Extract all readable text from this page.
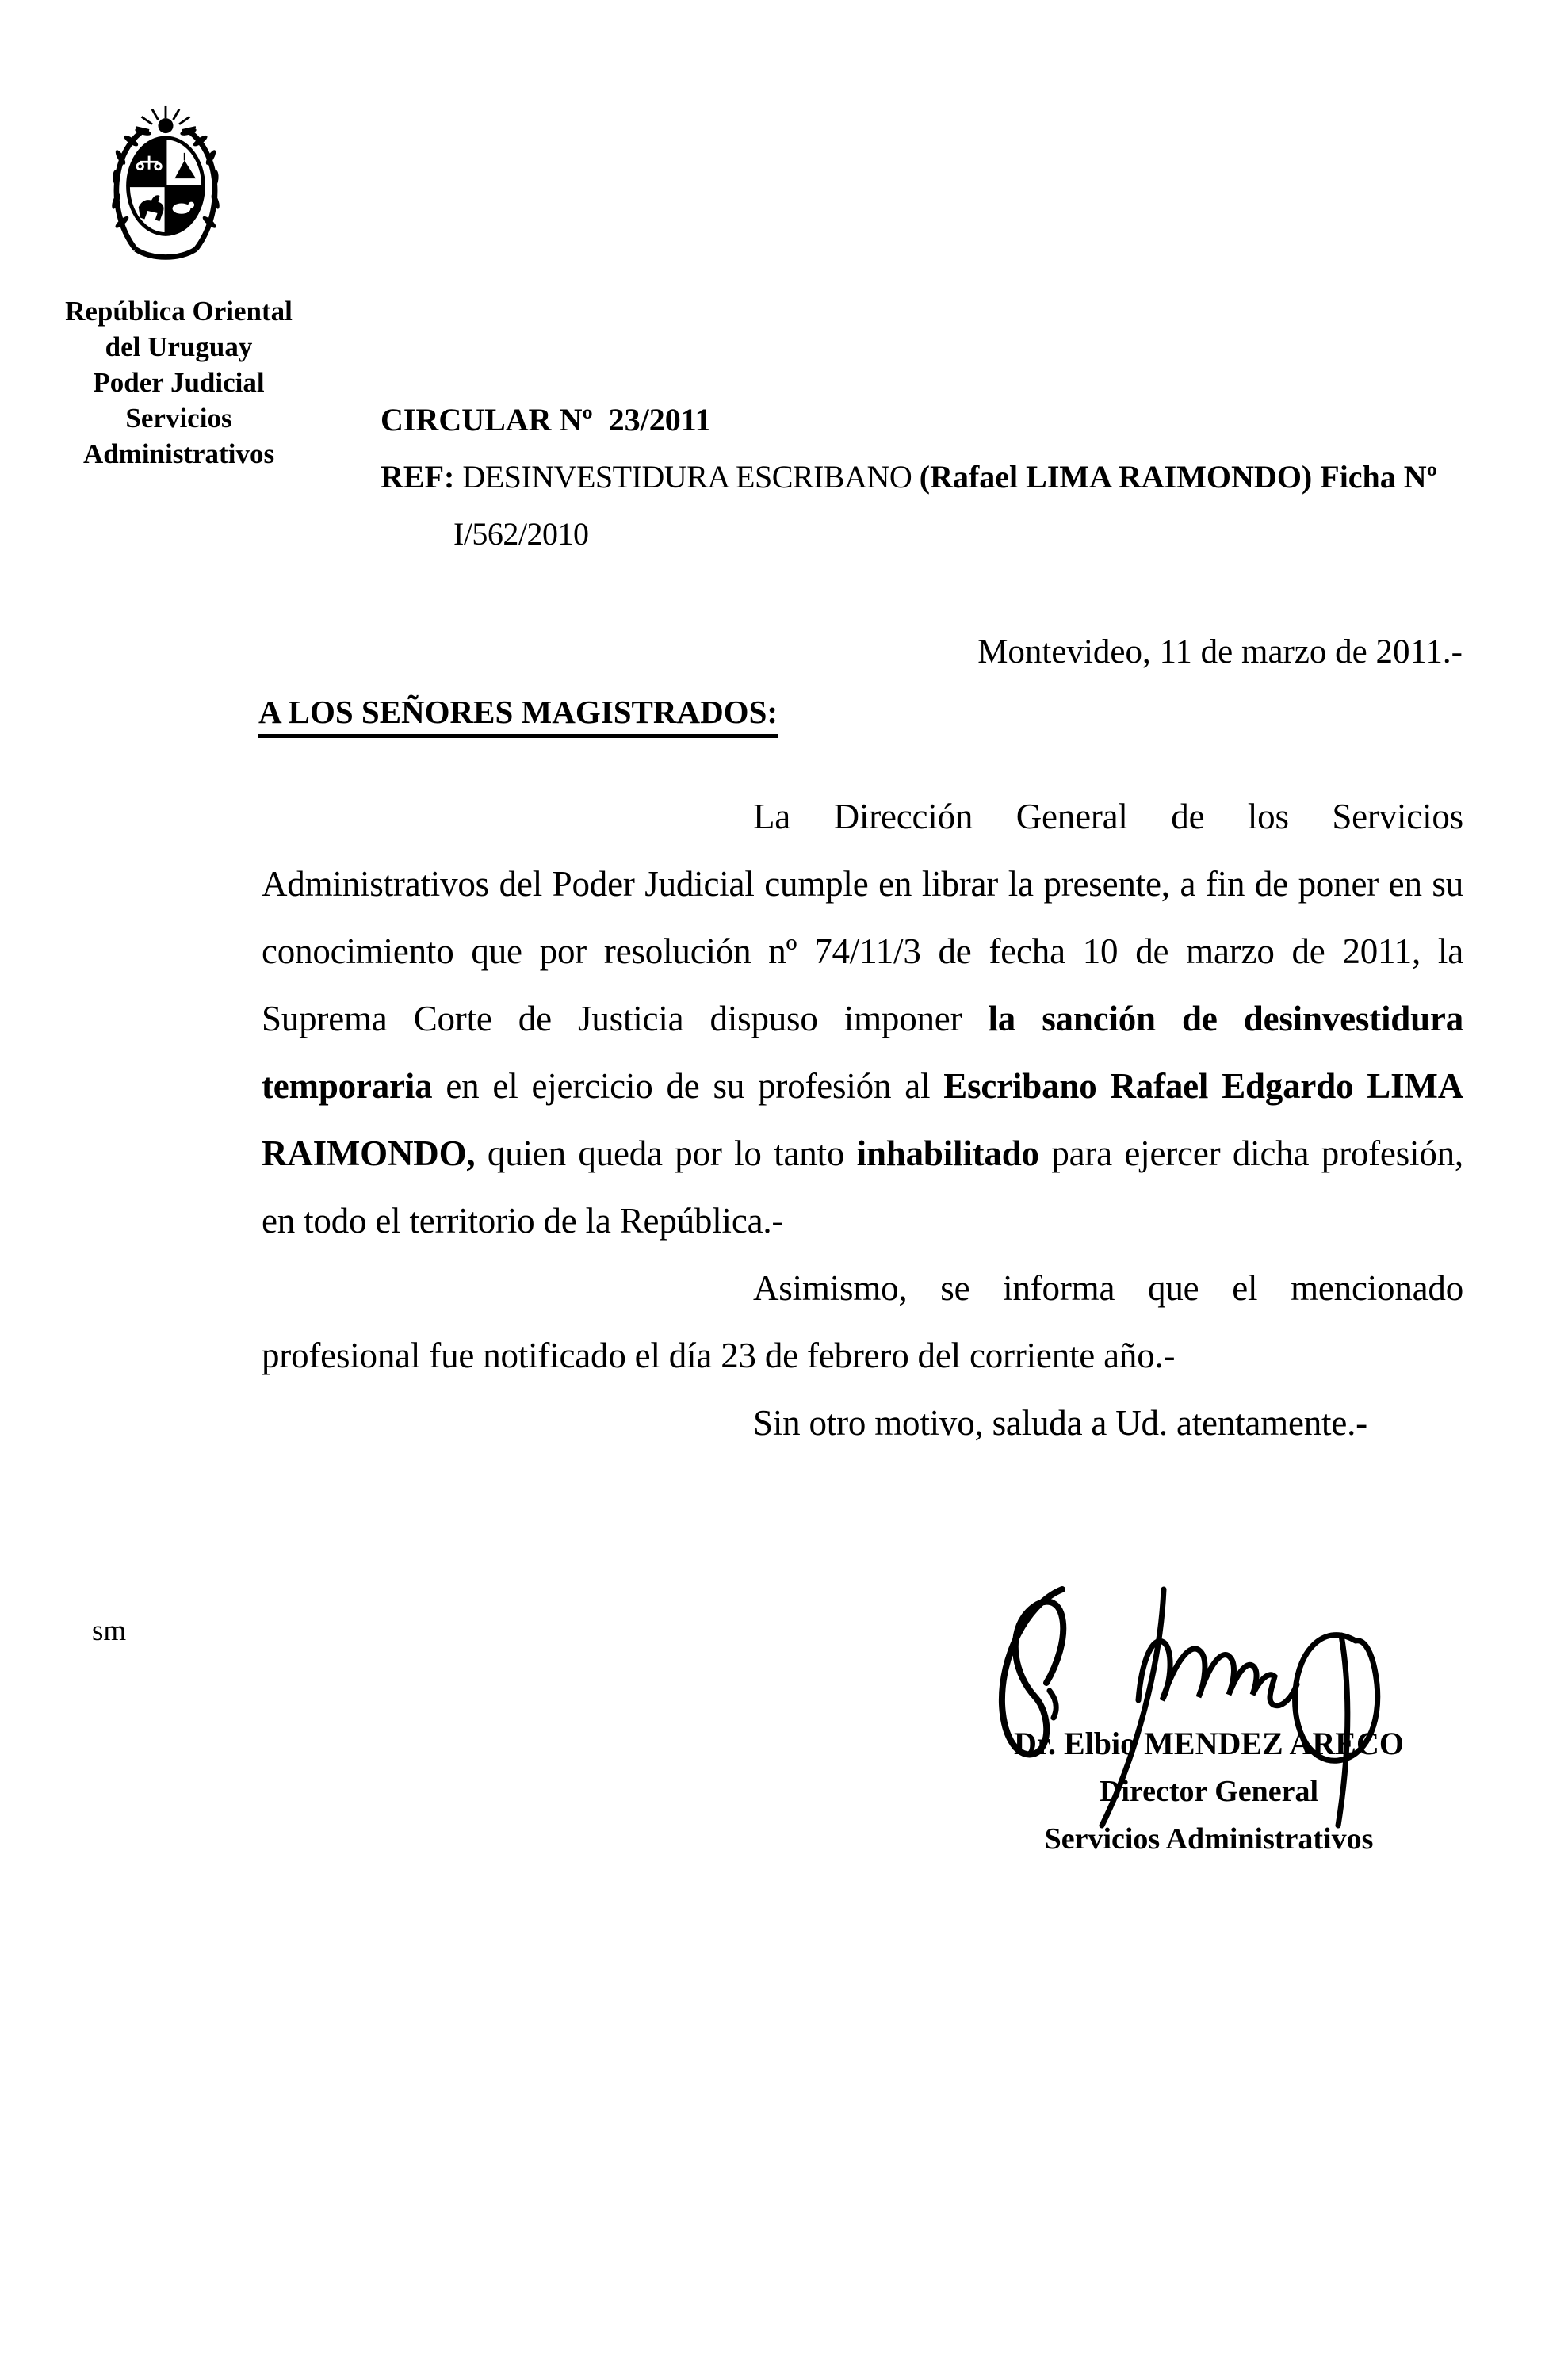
República Oriental
del Uruguay
Poder Judicial
Servicios
Administrativos
CIRCULAR Nº  23/2011
REF: DESINVESTIDURA ESCRIBANO (Rafael LIMA RAIMONDO) Ficha Nº
I/562/2010
Montevideo, 11 de marzo de 2011.-
A LOS SEÑORES MAGISTRADOS:

La Dirección General de los Servicios Administrativos del Poder Judicial cumple en librar la presente, a fin de poner en su conocimiento que por resolución nº 74/11/3 de fecha 10 de marzo de 2011, la Suprema Corte de Justicia dispuso imponer la sanción de desinvestidura temporaria en el ejercicio de su profesión al Escribano Rafael Edgardo LIMA RAIMONDO, quien queda por lo tanto inhabilitado para ejercer dicha profesión, en todo el territorio de la República.-

Asimismo, se informa que el mencionado profesional fue notificado el día 23 de febrero del corriente año.-

Sin otro motivo, saluda a Ud. atentamente.-

sm
Dr. Elbio MENDEZ ARECO
Director General
Servicios Administrativos
